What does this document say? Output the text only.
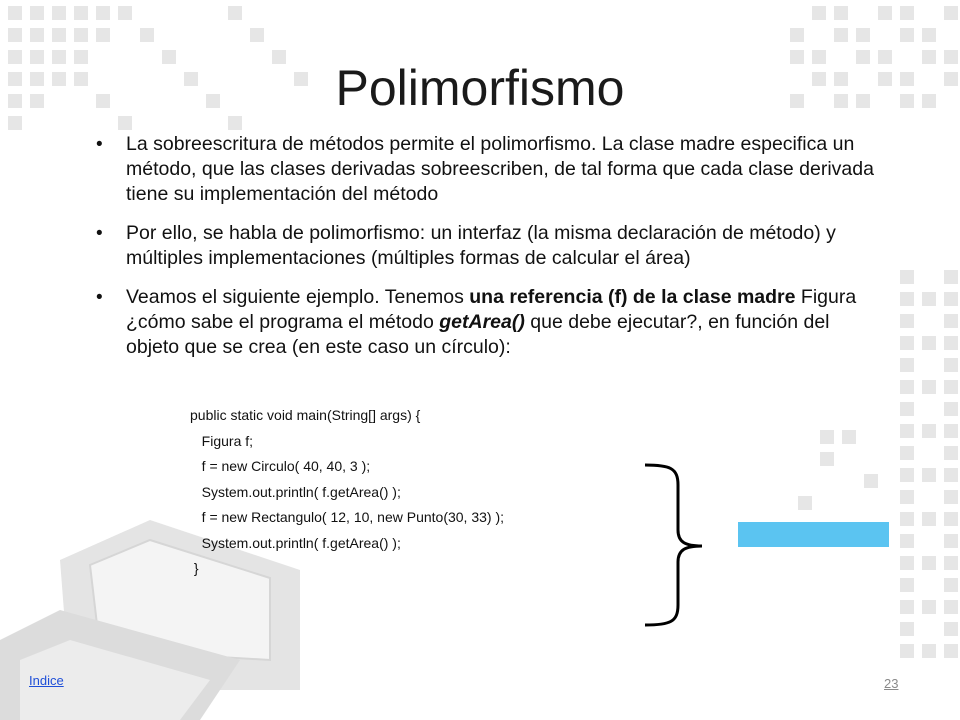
Polimorfismo
• La sobreescritura de métodos permite el polimorfismo. La clase madre especifica un método, que las clases derivadas sobreescriben, de tal forma que cada clase derivada tiene su implementación del método
• Por ello, se habla de polimorfismo: un interfaz (la misma declaración de método) y múltiples implementaciones (múltiples formas de calcular el área)
• Veamos el siguiente ejemplo. Tenemos una referencia (f) de la clase madre Figura ¿cómo sabe el programa el método getArea() que debe ejecutar?, en función del objeto que se crea (en este caso un círculo):
public static void main(String[] args) {
Figura f;
f = new Circulo( 40, 40, 3 );
System.out.println( f.getArea() );
f = new Rectangulo( 12, 10, new Punto(30, 33) );
System.out.println( f.getArea() );
}
Indice	23
